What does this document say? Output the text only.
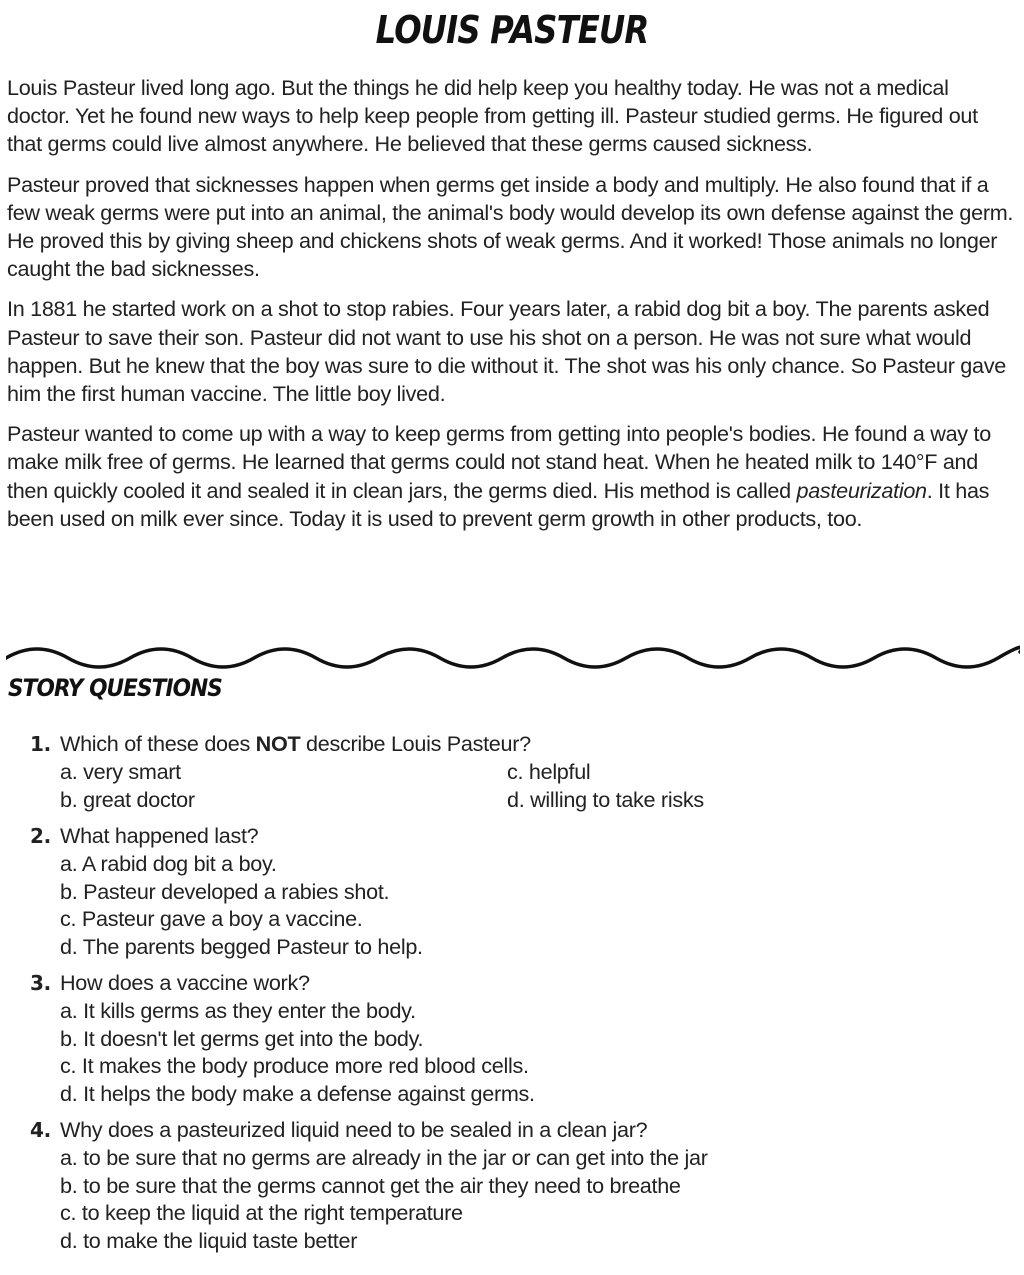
LOUIS PASTEUR

Louis Pasteur lived long ago. But the things he did help keep you healthy today. He was not a medical doctor. Yet he found new ways to help keep people from getting ill. Pasteur studied germs. He figured out that germs could live almost anywhere. He believed that these germs caused sickness.

Pasteur proved that sicknesses happen when germs get inside a body and multiply. He also found that if a few weak germs were put into an animal, the animal's body would develop its own defense against the germ. He proved this by giving sheep and chickens shots of weak germs. And it worked! Those animals no longer caught the bad sicknesses.

In 1881 he started work on a shot to stop rabies. Four years later, a rabid dog bit a boy. The parents asked Pasteur to save their son. Pasteur did not want to use his shot on a person. He was not sure what would happen. But he knew that the boy was sure to die without it. The shot was his only chance. So Pasteur gave him the first human vaccine. The little boy lived.

Pasteur wanted to come up with a way to keep germs from getting into people's bodies. He found a way to make milk free of germs. He learned that germs could not stand heat. When he heated milk to 140°F and then quickly cooled it and sealed it in clean jars, the germs died. His method is called pasteurization. It has been used on milk ever since. Today it is used to prevent germ growth in other products, too.

STORY QUESTIONS
1. Which of these does NOT describe Louis Pasteur?
a. very smart	c. helpful
b. great doctor	d. willing to take risks
2. What happened last?
a. A rabid dog bit a boy.
b. Pasteur developed a rabies shot.
c. Pasteur gave a boy a vaccine.
d. The parents begged Pasteur to help.
3. How does a vaccine work?
a. It kills germs as they enter the body.
b. It doesn't let germs get into the body.
c. It makes the body produce more red blood cells.
d. It helps the body make a defense against germs.
4. Why does a pasteurized liquid need to be sealed in a clean jar?
a. to be sure that no germs are already in the jar or can get into the jar
b. to be sure that the germs cannot get the air they need to breathe
c. to keep the liquid at the right temperature
d. to make the liquid taste better
